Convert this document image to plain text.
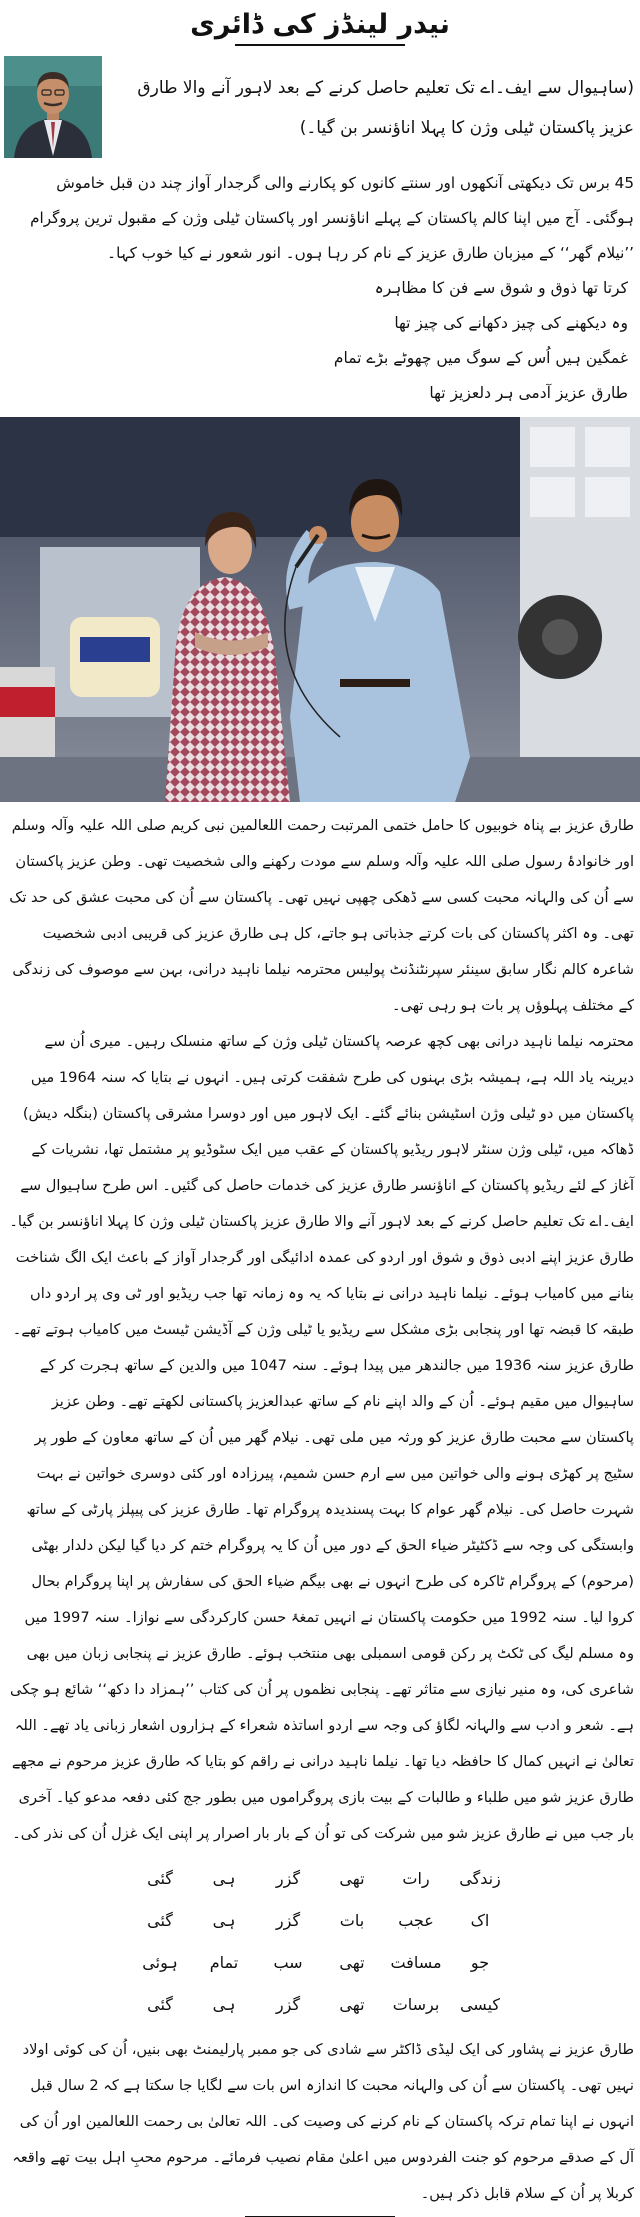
نیدر لینڈز کی ڈائری
(ساہیوال سے ایف۔اے تک تعلیم حاصل کرنے کے بعد لاہور آنے والا طارق عزیز پاکستان ٹیلی وژن کا پہلا اناؤنسر بن گیا۔)
45 برس تک دیکھتی آنکھوں اور سنتے کانوں کو پکارنے والی گرجدار آواز چند دن قبل خاموش ہوگئی۔ آج میں اپنا کالم پاکستان کے پہلے اناؤنسر اور پاکستان ٹیلی وژن کے مقبول ترین پروگرام ’’نیلام گھر‘‘ کے میزبان طارق عزیز کے نام کر رہا ہوں۔ انور شعور نے کیا خوب کہا۔
کرتا تھا ذوق و شوق سے فن کا مظاہرہ
وہ دیکھنے کی چیز دکھانے کی چیز تھا
غمگین ہیں اُس کے سوگ میں چھوٹے بڑے تمام
طارق عزیز آدمی ہر دلعزیز تھا

طارق عزیز بے پناہ خوبیوں کا حامل ختمی المرتبت رحمت اللعالمین نبی کریم صلی اللہ علیہ وآلہ وسلم اور خانوادۂ رسول صلی اللہ علیہ وآلہ وسلم سے مودت رکھنے والی شخصیت تھی۔ وطن عزیز پاکستان سے اُن کی والہانہ محبت کسی سے ڈھکی چھپی نہیں تھی۔ پاکستان سے اُن کی محبت عشق کی حد تک تھی۔ وہ اکثر پاکستان کی بات کرتے جذباتی ہو جاتے، کل ہی طارق عزیز کی قریبی ادبی شخصیت شاعرہ کالم نگار سابق سینئر سپرنٹنڈنٹ پولیس محترمہ نیلما ناہید درانی، بہن سے موصوف کی زندگی کے مختلف پہلوؤں پر بات ہو رہی تھی۔

محترمہ نیلما ناہید درانی بھی کچھ عرصہ پاکستان ٹیلی وژن کے ساتھ منسلک رہیں۔ میری اُن سے دیرینہ یاد اللہ ہے، ہمیشہ بڑی بہنوں کی طرح شفقت کرتی ہیں۔ انہوں نے بتایا کہ سنہ 1964 میں پاکستان میں دو ٹیلی وژن اسٹیشن بنائے گئے۔ ایک لاہور میں اور دوسرا مشرقی پاکستان (بنگلہ دیش) ڈھاکہ میں، ٹیلی وژن سنٹر لاہور ریڈیو پاکستان کے عقب میں ایک سٹوڈیو پر مشتمل تھا، نشریات کے آغاز کے لئے ریڈیو پاکستان کے اناؤنسر طارق عزیز کی خدمات حاصل کی گئیں۔ اس طرح ساہیوال سے ایف۔اے تک تعلیم حاصل کرنے کے بعد لاہور آنے والا طارق عزیز پاکستان ٹیلی وژن کا پہلا اناؤنسر بن گیا۔

طارق عزیز اپنے ادبی ذوق و شوق اور اردو کی عمدہ ادائیگی اور گرجدار آواز کے باعث ایک الگ شناخت بنانے میں کامیاب ہوئے۔ نیلما ناہید درانی نے بتایا کہ یہ وہ زمانہ تھا جب ریڈیو اور ٹی وی پر اردو داں طبقہ کا قبضہ تھا اور پنجابی بڑی مشکل سے ریڈیو یا ٹیلی وژن کے آڈیشن ٹیسٹ میں کامیاب ہوتے تھے۔ طارق عزیز سنہ 1936 میں جالندھر میں پیدا ہوئے۔ سنہ 1047 میں والدین کے ساتھ ہجرت کر کے ساہیوال میں مقیم ہوئے۔ اُن کے والد اپنے نام کے ساتھ عبدالعزیز پاکستانی لکھتے تھے۔ وطن عزیز پاکستان سے محبت طارق عزیز کو ورثہ میں ملی تھی۔ نیلام گھر میں اُن کے ساتھ معاون کے طور پر سٹیج پر کھڑی ہونے والی خواتین میں سے ارم حسن شمیم، پیرزادہ اور کئی دوسری خواتین نے بہت شہرت حاصل کی۔ نیلام گھر عوام کا بہت پسندیدہ پروگرام تھا۔ طارق عزیز کی پیپلز پارٹی کے ساتھ وابستگی کی وجہ سے ڈکٹیٹر ضیاء الحق کے دور میں اُن کا یہ پروگرام ختم کر دیا گیا لیکن دلدار بھٹی (مرحوم) کے پروگرام ٹاکرہ کی طرح انہوں نے بھی بیگم ضیاء الحق کی سفارش پر اپنا پروگرام بحال کروا لیا۔ سنہ 1992 میں حکومت پاکستان نے انہیں تمغۂ حسن کارکردگی سے نوازا۔ سنہ 1997 میں وہ مسلم لیگ کی ٹکٹ پر رکن قومی اسمبلی بھی منتخب ہوئے۔ طارق عزیز نے پنجابی زبان میں بھی شاعری کی، وہ منیر نیازی سے متاثر تھے۔ پنجابی نظموں پر اُن کی کتاب ’’ہمزاد دا دکھ‘‘ شائع ہو چکی ہے۔ شعر و ادب سے والہانہ لگاؤ کی وجہ سے اردو اساتذہ شعراء کے ہزاروں اشعار زبانی یاد تھے۔ اللہ تعالیٰ نے انہیں کمال کا حافظہ دیا تھا۔ نیلما ناہید درانی نے راقم کو بتایا کہ طارق عزیز مرحوم نے مجھے طارق عزیز شو میں طلباء و طالبات کے بیت بازی پروگراموں میں بطور جج کئی دفعہ مدعو کیا۔ آخری بار جب میں نے طارق عزیز شو میں شرکت کی تو اُن کے بار بار اصرار پر اپنی ایک غزل اُن کی نذر کی۔

زندگی
رات
تھی
گزر
ہی
گئی
اک
عجب
بات
گزر
ہی
گئی
جو
مسافت
تھی
سب
تمام
ہوئی
کیسی
برسات
تھی
گزر
ہی
گئی
طارق عزیز نے پشاور کی ایک لیڈی ڈاکٹر سے شادی کی جو ممبر پارلیمنٹ بھی بنیں، اُن کی کوئی اولاد نہیں تھی۔ پاکستان سے اُن کی والہانہ محبت کا اندازہ اس بات سے لگایا جا سکتا ہے کہ 2 سال قبل انہوں نے اپنا تمام ترکہ پاکستان کے نام کرنے کی وصیت کی۔ اللہ تعالیٰ بی رحمت اللعالمین اور اُن کی آل کے صدقے مرحوم کو جنت الفردوس میں اعلیٰ مقام نصیب فرمائے۔ مرحوم محبِ اہل بیت تھے واقعہ کربلا پر اُن کے سلام قابل ذکر ہیں۔
